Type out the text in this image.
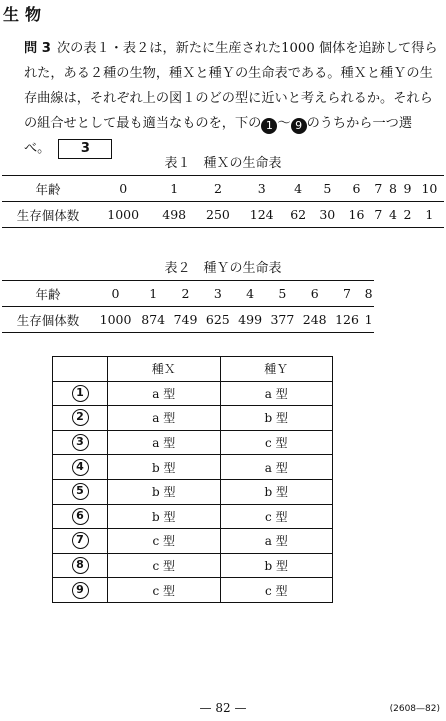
生物
問 3 次の表１・表２は，新たに生産された1000 個体を追跡して得られた，ある２種の生物，種Ｘと種Ｙの生命表である。種Ｘと種Ｙの生存曲線は，それぞれ上の図１のどの型に近いと考えられるか。それらの組合せとして最も適当なものを，下の 1 ～ 9 のうちから一つ選べ。 3
表１　種Ｘの生命表
年齢	0	1	2	3	4	5	6	7	8	9	10
生存個体数	1000	498	250	124	62	30	16	7	4	2	1
表２　種Ｙの生命表
年齢	0	1	2	3	4	5	6	7	8
生存個体数	1000	874	749	625	499	377	248	126	1
	種Ｘ	種Ｙ
1	a 型	a 型
2	a 型	b 型
3	a 型	c 型
4	b 型	a 型
5	b 型	b 型
6	b 型	c 型
7	c 型	a 型
8	c 型	b 型
9	c 型	c 型
— 82 —	(2608—82)
